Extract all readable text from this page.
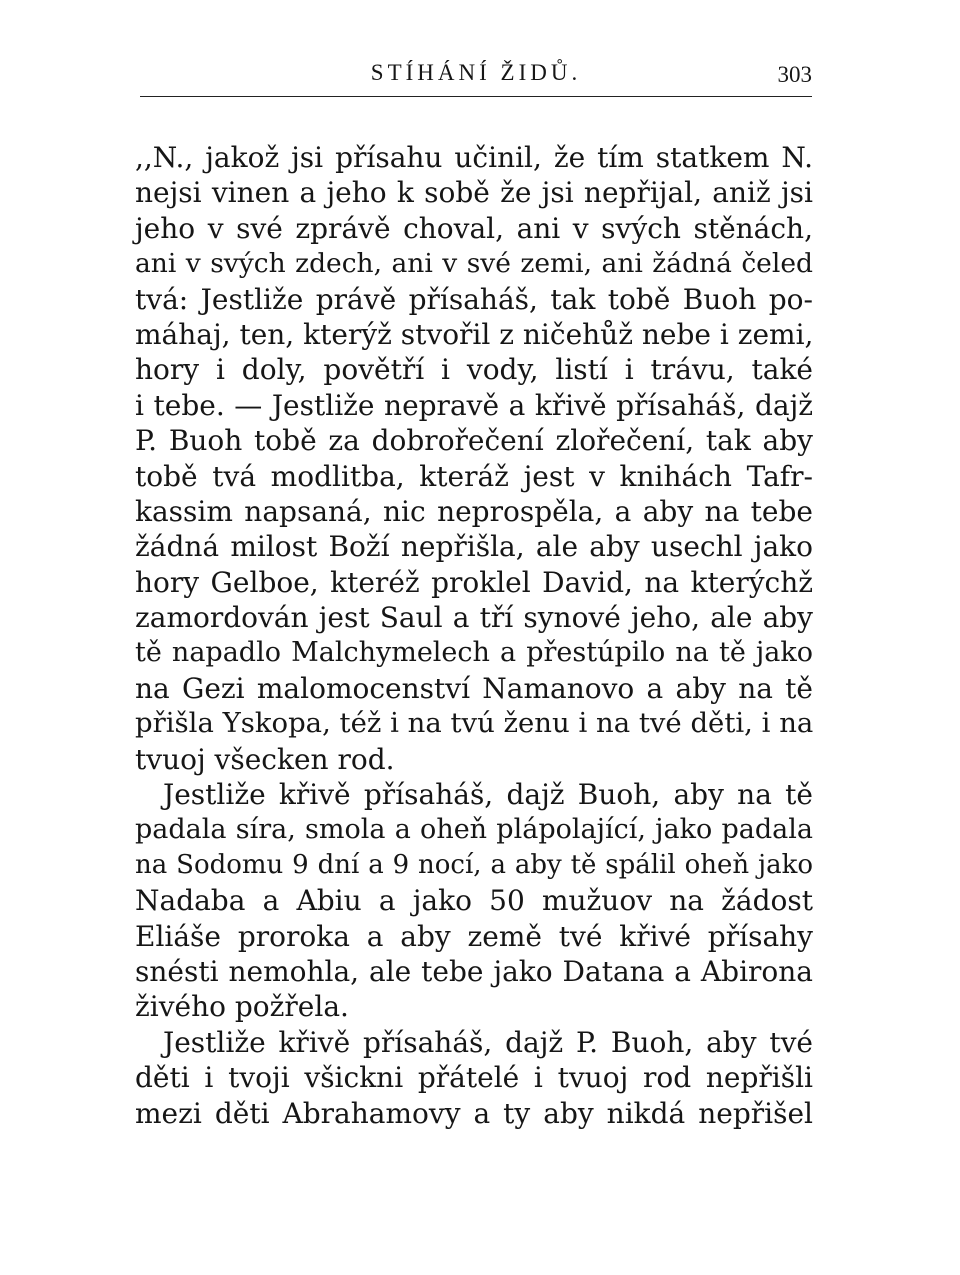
STÍHÁNÍ ŽIDŮ.	303
,,N., jakož jsi přísahu učinil, že tím statkem N.
nejsi vinen a jeho k sobě že jsi nepřijal, aniž jsi
jeho v své zprávě choval, ani v svých stěnách,
ani v svých zdech, ani v své zemi, ani žádná čeled
tvá: Jestliže právě přísaháš, tak tobě Buoh po-
máhaj, ten, kterýž stvořil z ničehůž nebe i zemi,
hory i doly, povětří i vody, listí i trávu, také
i tebe. — Jestliže nepravě a křivě přísaháš, dajž
P. Buoh tobě za dobrořečení zlořečení, tak aby
tobě tvá modlitba, kteráž jest v knihách Tafr-
kassim napsaná, nic neprospěla, a aby na tebe
žádná milost Boží nepřišla, ale aby usechl jako
hory Gelboe, kteréž proklel David, na kterýchž
zamordován jest Saul a tří synové jeho, ale aby
tě napadlo Malchymelech a přestúpilo na tě jako
na Gezi malomocenství Namanovo a aby na tě
přišla Yskopa, též i na tvú ženu i na tvé děti, i na
tvuoj všecken rod.
Jestliže křivě přísaháš, dajž Buoh, aby na tě
padala síra, smola a oheň plápolající, jako padala
na Sodomu 9 dní a 9 nocí, a aby tě spálil oheň jako
Nadaba a Abiu a jako 50 mužuov na žádost
Eliáše proroka a aby země tvé křivé přísahy
snésti nemohla, ale tebe jako Datana a Abirona
živého požřela.
Jestliže křivě přísaháš, dajž P. Buoh, aby tvé
děti i tvoji všickni přátelé i tvuoj rod nepřišli
mezi děti Abrahamovy a ty aby nikdá nepřišel
